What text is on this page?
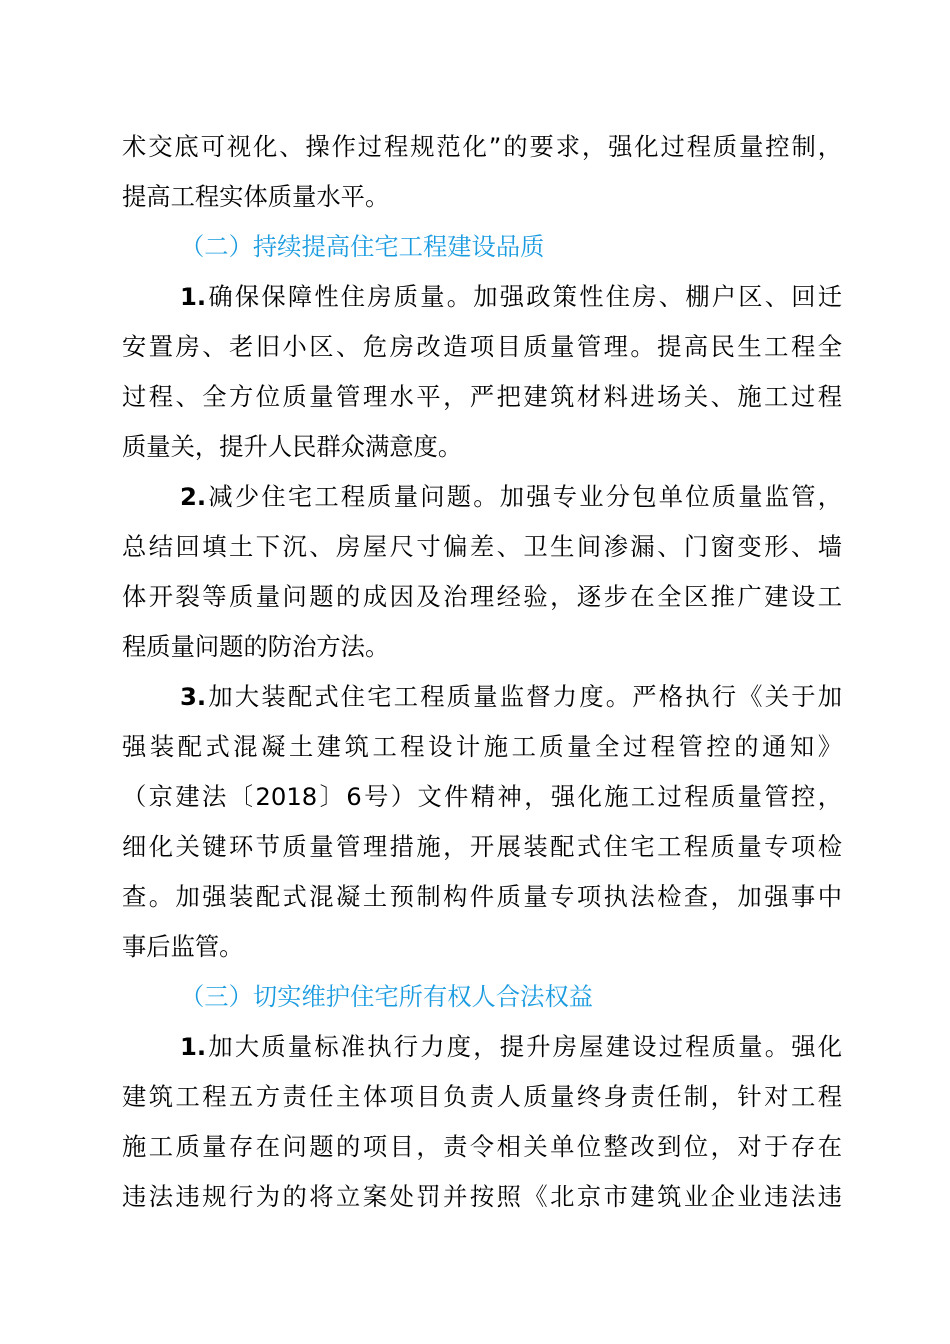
术交底可视化、操作过程规范化”的要求，强化过程质量控制，
提高工程实体质量水平。
（二）持续提高住宅工程建设品质
1.确保保障性住房质量。加强政策性住房、棚户区、回迁
安置房、老旧小区、危房改造项目质量管理。提高民生工程全
过程、全方位质量管理水平，严把建筑材料进场关、施工过程
质量关，提升人民群众满意度。
2.减少住宅工程质量问题。加强专业分包单位质量监管，
总结回填土下沉、房屋尺寸偏差、卫生间渗漏、门窗变形、墙
体开裂等质量问题的成因及治理经验，逐步在全区推广建设工
程质量问题的防治方法。
3.加大装配式住宅工程质量监督力度。严格执行《关于加
强装配式混凝土建筑工程设计施工质量全过程管控的通知》
（京建法〔2018〕6号）文件精神，强化施工过程质量管控，
细化关键环节质量管理措施，开展装配式住宅工程质量专项检
查。加强装配式混凝土预制构件质量专项执法检查，加强事中
事后监管。
（三）切实维护住宅所有权人合法权益
1.加大质量标准执行力度，提升房屋建设过程质量。强化
建筑工程五方责任主体项目负责人质量终身责任制，针对工程
施工质量存在问题的项目，责令相关单位整改到位，对于存在
违法违规行为的将立案处罚并按照《北京市建筑业企业违法违
